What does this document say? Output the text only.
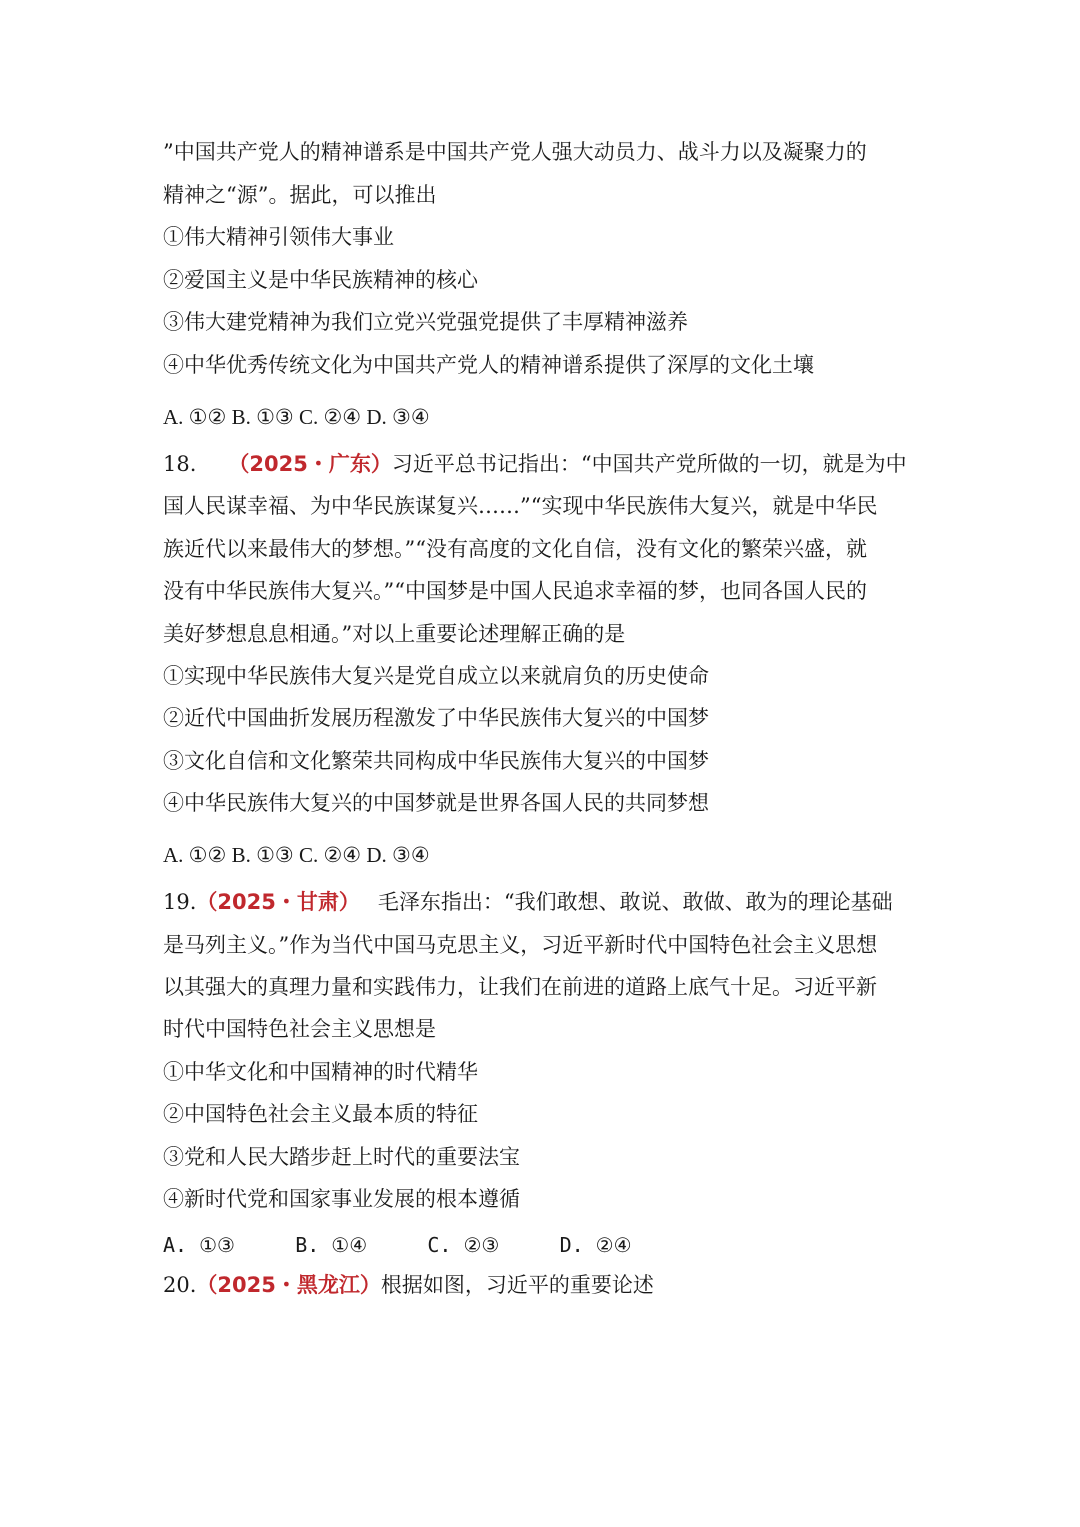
”中国共产党人的精神谱系是中国共产党人强大动员力、战斗力以及凝聚力的

精神之“源”。据此，可以推出

①伟大精神引领伟大事业

②爱国主义是中华民族精神的核心

③伟大建党精神为我们立党兴党强党提供了丰厚精神滋养

④中华优秀传统文化为中国共产党人的精神谱系提供了深厚的文化土壤

A. ①② B. ①③ C. ②④ D. ③④

18. （2025・广东）习近平总书记指出：“中国共产党所做的一切，就是为中

国人民谋幸福、为中华民族谋复兴……”“实现中华民族伟大复兴，就是中华民

族近代以来最伟大的梦想。”“没有高度的文化自信，没有文化的繁荣兴盛，就

没有中华民族伟大复兴。”“中国梦是中国人民追求幸福的梦，也同各国人民的

美好梦想息息相通。”对以上重要论述理解正确的是

①实现中华民族伟大复兴是党自成立以来就肩负的历史使命

②近代中国曲折发展历程激发了中华民族伟大复兴的中国梦

③文化自信和文化繁荣共同构成中华民族伟大复兴的中国梦

④中华民族伟大复兴的中国梦就是世界各国人民的共同梦想

A. ①② B. ①③ C. ②④ D. ③④

19.（2025・甘肃） 毛泽东指出：“我们敢想、敢说、敢做、敢为的理论基础

是马列主义。”作为当代中国马克思主义，习近平新时代中国特色社会主义思想

以其强大的真理力量和实践伟力，让我们在前进的道路上底气十足。习近平新

时代中国特色社会主义思想是

①中华文化和中国精神的时代精华

②中国特色社会主义最本质的特征

③党和人民大踏步赶上时代的重要法宝

④新时代党和国家事业发展的根本遵循

A. ①③     B. ①④     C. ②③     D. ②④

20.（2025・黑龙江）根据如图，习近平的重要论述
